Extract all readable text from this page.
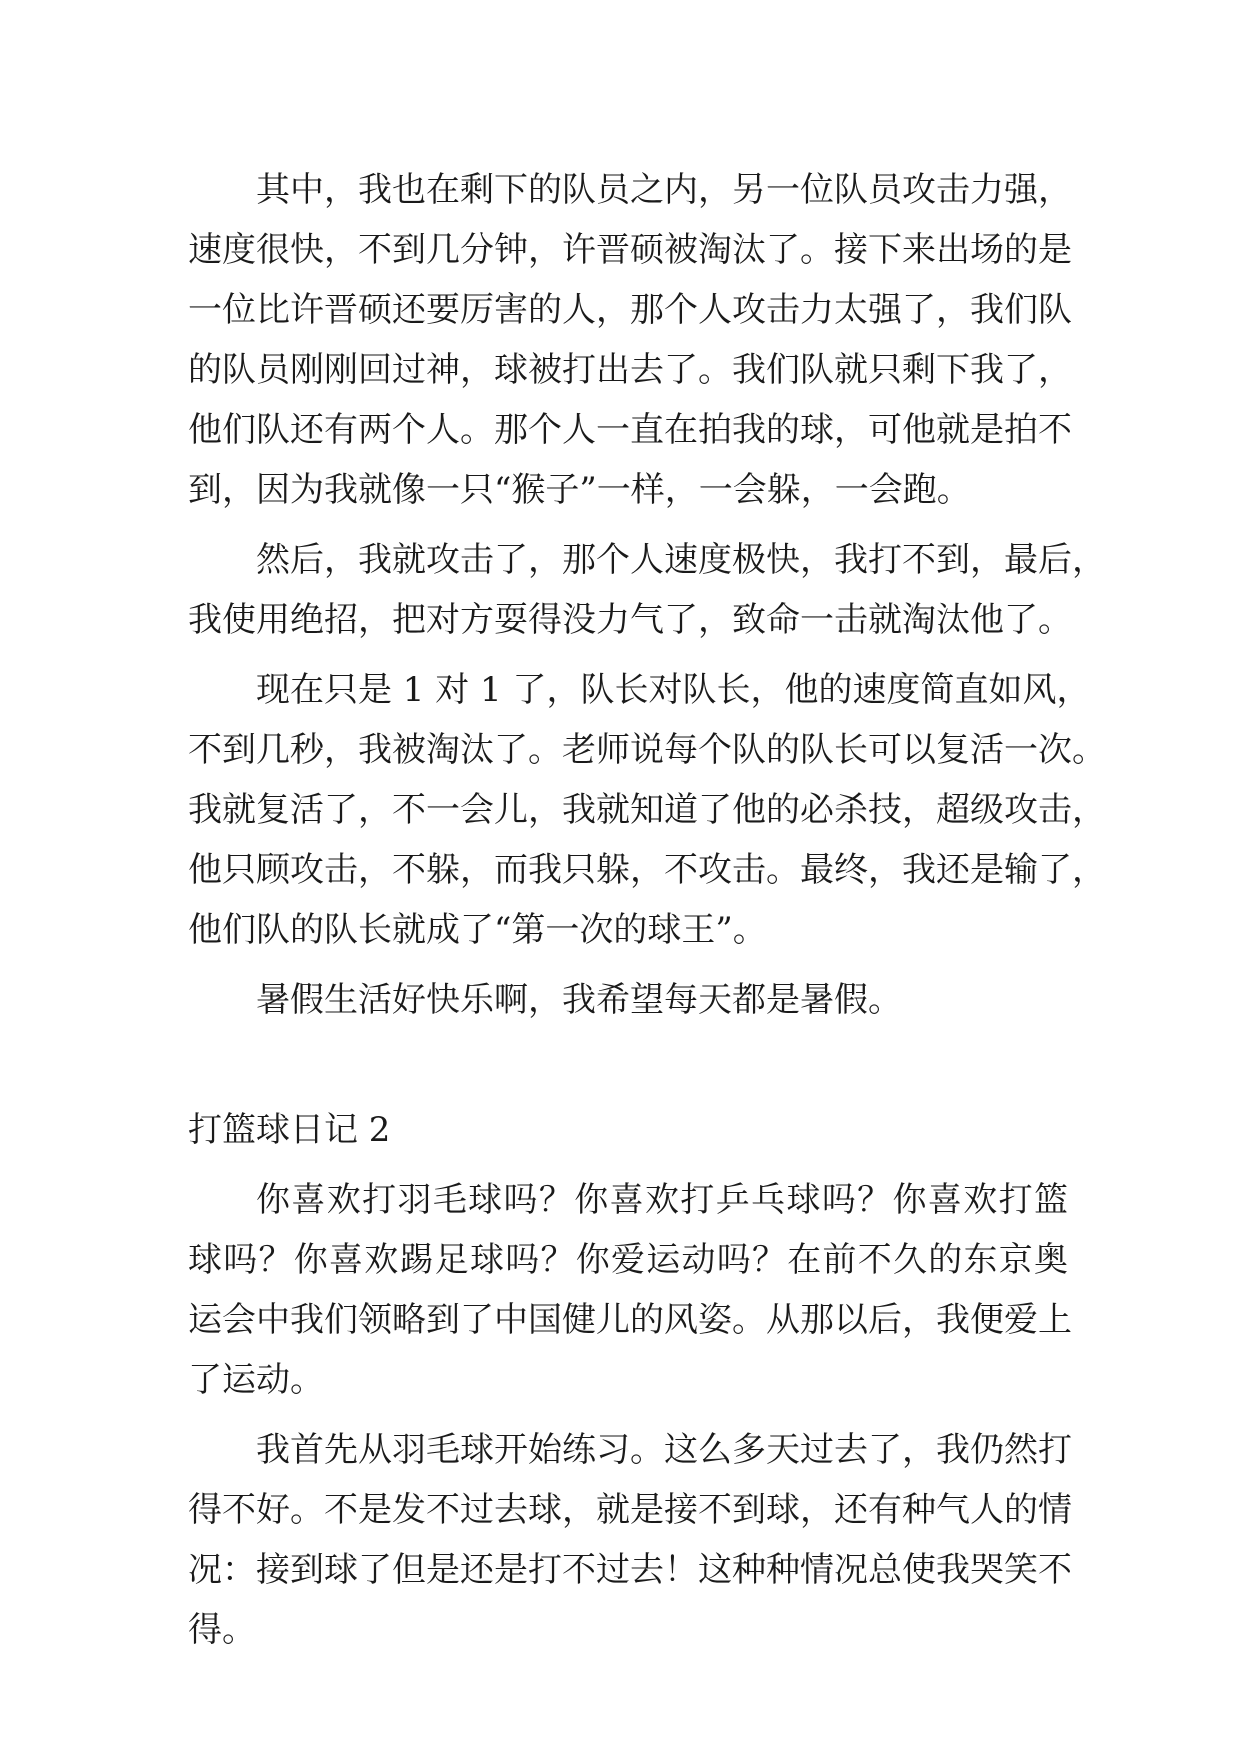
其中，我也在剩下的队员之内，另一位队员攻击力强，
速度很快，不到几分钟，许晋硕被淘汰了。接下来出场的是
一位比许晋硕还要厉害的人，那个人攻击力太强了，我们队
的队员刚刚回过神，球被打出去了。我们队就只剩下我了，
他们队还有两个人。那个人一直在拍我的球，可他就是拍不
到，因为我就像一只“猴子”一样，一会躲，一会跑。
然后，我就攻击了，那个人速度极快，我打不到，最后，
我使用绝招，把对方耍得没力气了，致命一击就淘汰他了。
现在只是 1 对 1 了，队长对队长，他的速度简直如风，
不到几秒，我被淘汰了。老师说每个队的队长可以复活一次。
我就复活了，不一会儿，我就知道了他的必杀技，超级攻击，
他只顾攻击，不躲，而我只躲，不攻击。最终，我还是输了，
他们队的队长就成了“第一次的球王”。
暑假生活好快乐啊，我希望每天都是暑假。
打篮球日记 2
你喜欢打羽毛球吗？你喜欢打乒乓球吗？你喜欢打篮
球吗？你喜欢踢足球吗？你爱运动吗？在前不久的东京奥
运会中我们领略到了中国健儿的风姿。从那以后，我便爱上
了运动。
我首先从羽毛球开始练习。这么多天过去了，我仍然打
得不好。不是发不过去球，就是接不到球，还有种气人的情
况：接到球了但是还是打不过去！这种种情况总使我哭笑不
得。
